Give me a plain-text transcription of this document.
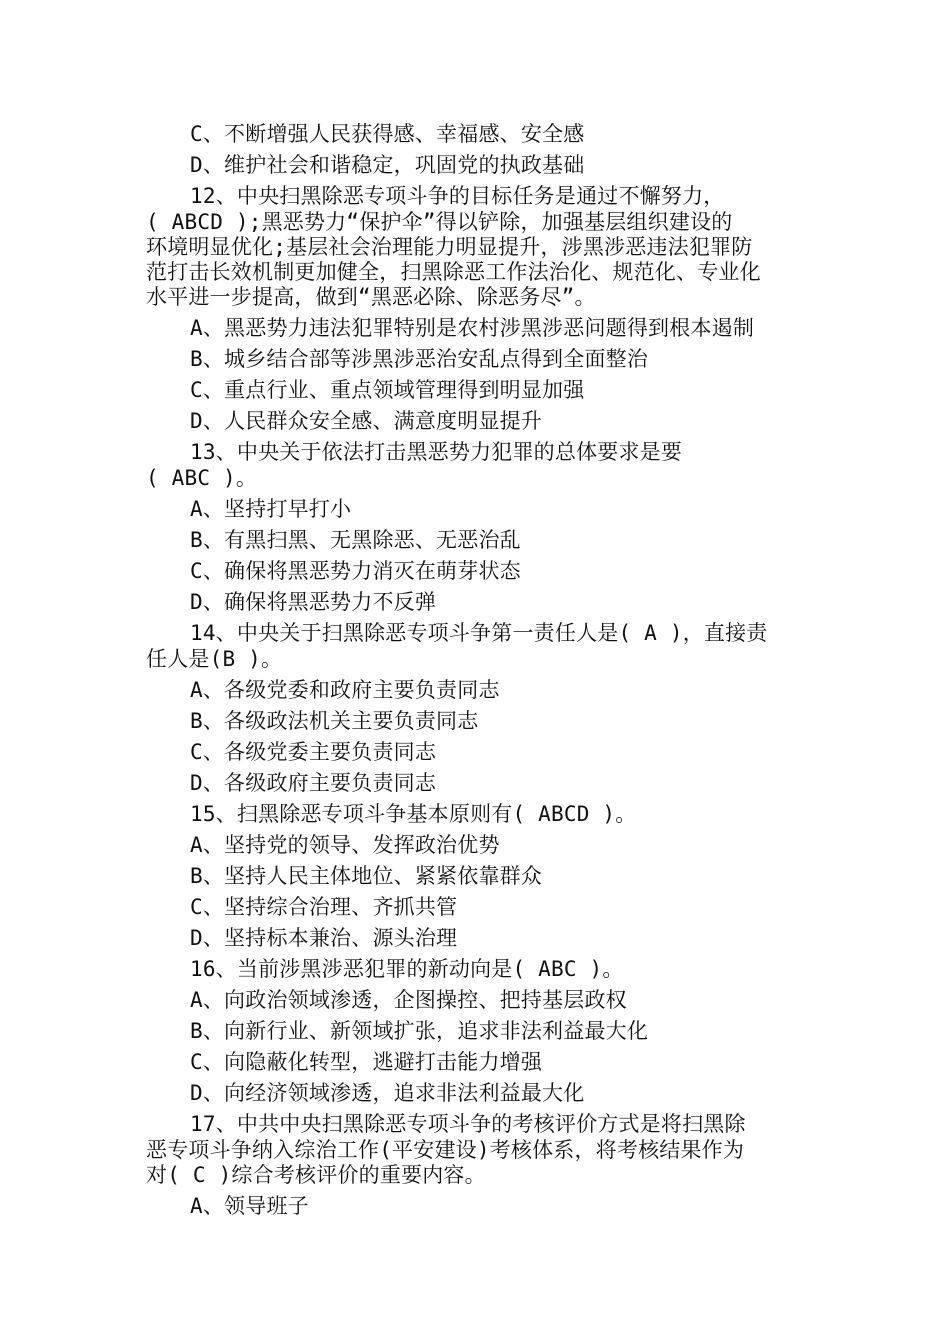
C、不断增强人民获得感、幸福感、安全感
D、维护社会和谐稳定，巩固党的执政基础
12、中央扫黑除恶专项斗争的目标任务是通过不懈努力，
( ABCD );黑恶势力“保护伞”得以铲除，加强基层组织建设的
环境明显优化;基层社会治理能力明显提升，涉黑涉恶违法犯罪防
范打击长效机制更加健全，扫黑除恶工作法治化、规范化、专业化
水平进一步提高，做到“黑恶必除、除恶务尽”。
A、黑恶势力违法犯罪特别是农村涉黑涉恶问题得到根本遏制
B、城乡结合部等涉黑涉恶治安乱点得到全面整治
C、重点行业、重点领域管理得到明显加强
D、人民群众安全感、满意度明显提升
13、中央关于依法打击黑恶势力犯罪的总体要求是要
( ABC )。
A、坚持打早打小
B、有黑扫黑、无黑除恶、无恶治乱
C、确保将黑恶势力消灭在萌芽状态
D、确保将黑恶势力不反弹
14、中央关于扫黑除恶专项斗争第一责任人是( A )，直接责
任人是(B )。
A、各级党委和政府主要负责同志
B、各级政法机关主要负责同志
C、各级党委主要负责同志
D、各级政府主要负责同志
15、扫黑除恶专项斗争基本原则有( ABCD )。
A、坚持党的领导、发挥政治优势
B、坚持人民主体地位、紧紧依靠群众
C、坚持综合治理、齐抓共管
D、坚持标本兼治、源头治理
16、当前涉黑涉恶犯罪的新动向是( ABC )。
A、向政治领域渗透，企图操控、把持基层政权
B、向新行业、新领域扩张，追求非法利益最大化
C、向隐蔽化转型，逃避打击能力增强
D、向经济领域渗透，追求非法利益最大化
17、中共中央扫黑除恶专项斗争的考核评价方式是将扫黑除
恶专项斗争纳入综治工作(平安建设)考核体系，将考核结果作为
对( C )综合考核评价的重要内容。
A、领导班子
